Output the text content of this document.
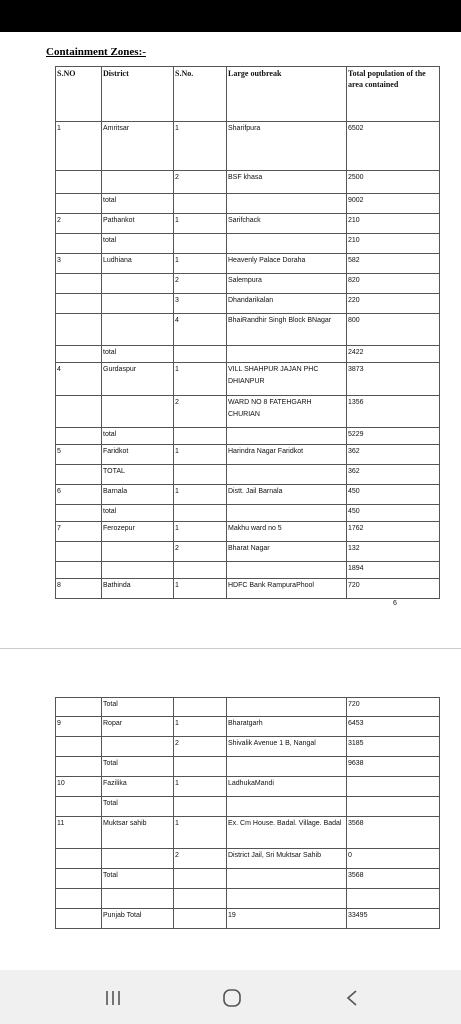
Containment Zones:-
S.NO	District	S.No.	Large outbreak	Total population of the area contained
1	Amritsar	1	Sharifpura	6502
		2	BSF khasa	2500
	total			9002
2	Pathankot	1	Sarifchack	210
	total			210
3	Ludhiana	1	Heavenly Palace Doraha	582
		2	Salempura	820
		3	Dhandarikalan	220
		4	BhaiRandhir Singh Block BNagar	800
	total			2422
4	Gurdaspur	1	VILL SHAHPUR JAJAN PHC DHIANPUR	3873
		2	WARD NO 8 FATEHGARH CHURIAN	1356
	total			5229
5	Faridkot	1	Harindra Nagar Faridkot	362
	TOTAL			362
6	Barnala	1	Distt. Jail Barnala	450
	total			450
7	Ferozepur	1	Makhu ward no 5	1762
		2	Bharat Nagar	132
				1894
8	Bathinda	1	HDFC Bank RampuraPhool	720
6
	Total			720
9	Ropar	1	Bharatgarh	6453
		2	Shivalik Avenue 1 B, Nangal	3185
	Total			9638
10	Fazilika	1	LadhukaMandi	
	Total			
11	Muktsar sahib	1	Ex. Cm House. Badal. Village. Badal	3568
		2	District Jail, Sri Muktsar Sahib	0
	Total			3568

	Punjab Total		19	33495
